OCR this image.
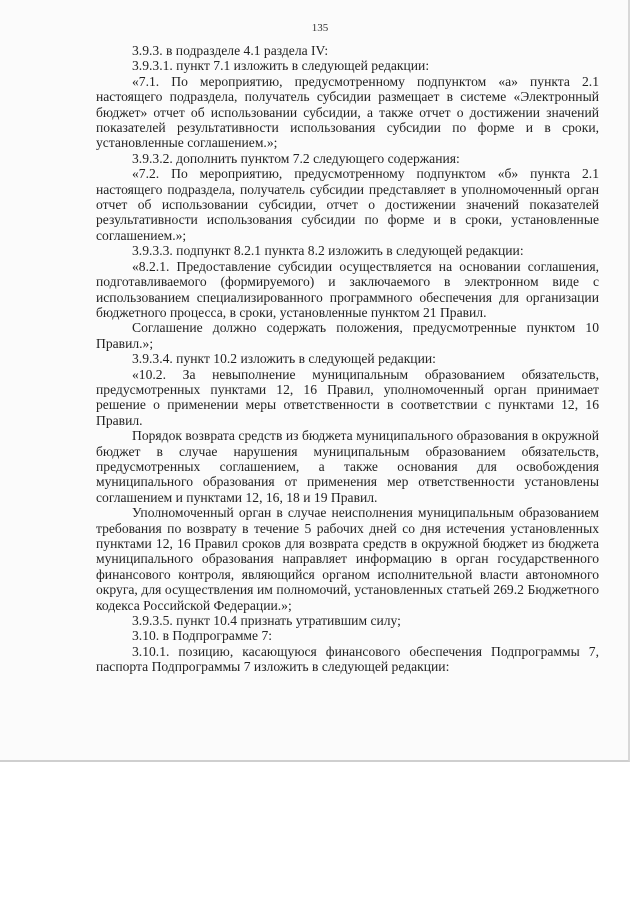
135

3.9.3. в подразделе 4.1 раздела IV:

3.9.3.1. пункт 7.1 изложить в следующей редакции:

«7.1. По мероприятию, предусмотренному подпунктом «а» пункта 2.1 настоящего подраздела, получатель субсидии размещает в системе «Электронный бюджет» отчет об использовании субсидии, а также отчет о достижении значений показателей результативности использования субсидии по форме и в сроки, установленные соглашением.»;

3.9.3.2. дополнить пунктом 7.2 следующего содержания:

«7.2. По мероприятию, предусмотренному подпунктом «б» пункта 2.1 настоящего подраздела, получатель субсидии представляет в уполномоченный орган отчет об использовании субсидии, отчет о достижении значений показателей результативности использования субсидии по форме и в сроки, установленные соглашением.»;

3.9.3.3. подпункт 8.2.1 пункта 8.2 изложить в следующей редакции:

«8.2.1. Предоставление субсидии осуществляется на основании соглашения, подготавливаемого (формируемого) и заключаемого в электронном виде с использованием специализированного программного обеспечения для организации бюджетного процесса, в сроки, установленные пунктом 21 Правил.

Соглашение должно содержать положения, предусмотренные пунктом 10 Правил.»;

3.9.3.4. пункт 10.2 изложить в следующей редакции:

«10.2. За невыполнение муниципальным образованием обязательств, предусмотренных пунктами 12, 16 Правил, уполномоченный орган принимает решение о применении меры ответственности в соответствии с пунктами 12, 16 Правил.

Порядок возврата средств из бюджета муниципального образования в окружной бюджет в случае нарушения муниципальным образованием обязательств, предусмотренных соглашением, а также основания для освобождения муниципального образования от применения мер ответственности установлены соглашением и пунктами 12, 16, 18 и 19 Правил.

Уполномоченный орган в случае неисполнения муниципальным образованием требования по возврату в течение 5 рабочих дней со дня истечения установленных пунктами 12, 16 Правил сроков для возврата средств в окружной бюджет из бюджета муниципального образования направляет информацию в орган государственного финансового контроля, являющийся органом исполнительной власти автономного округа, для осуществления им полномочий, установленных статьей 269.2 Бюджетного кодекса Российской Федерации.»;

3.9.3.5. пункт 10.4 признать утратившим силу;

3.10. в Подпрограмме 7:

3.10.1. позицию, касающуюся финансового обеспечения Подпрограммы 7, паспорта Подпрограммы 7 изложить в следующей редакции:
